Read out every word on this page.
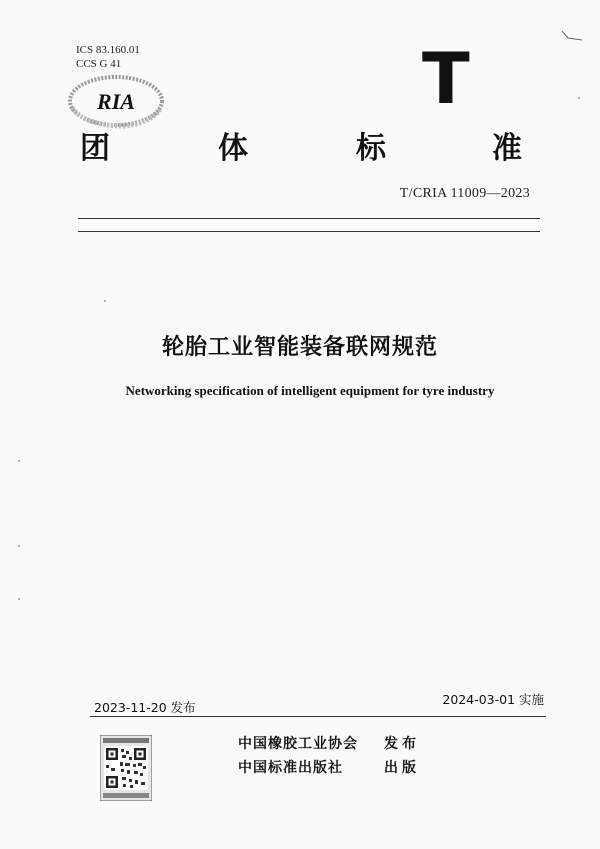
ICS 83.160.01
CCS G 41
RIA	T
团	体	标	准
T/CRIA 11009—2023
轮胎工业智能装备联网规范
Networking specification of intelligent equipment for tyre industry
2023-11-20 发布
2024-03-01 实施
中国橡胶工业协会 发布
中国标准出版社	出版
